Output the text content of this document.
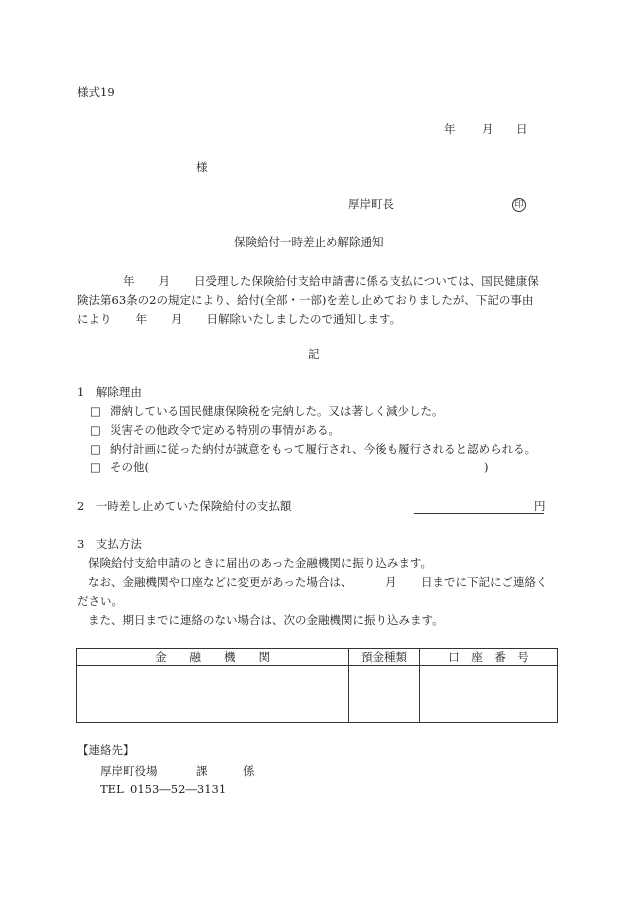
様式19
年 月 日
様
厚岸町長	印
保険給付一時差止め解除通知
年 月 日受理した保険給付支給申請書に係る支払については、国民健康保
険法第63条の2の規定により、給付(全部・一部)を差し止めておりましたが、下記の事由
により 年 月 日解除いたしましたので通知します。
記
1　解除理由
□ 滞納している国民健康保険税を完納した。又は著しく減少した。
□ 災害その他政令で定める特別の事情がある。
□ 納付計画に従った納付が誠意をもって履行され、今後も履行されると認められる。
□ その他(	)
2　一時差し止めていた保険給付の支払額	円
3　支払方法
保険給付支給申請のときに届出のあった金融機関に振り込みます。
なお、金融機関や口座などに変更があった場合は、	月 日までに下記にご連絡く
ださい。
また、期日までに連絡のない場合は、次の金融機関に振り込みます。
金　　融　　機　　関	預金種類	口　座　番　号

【連絡先】
厚岸町役場	課	係
TEL 0153―52―3131
